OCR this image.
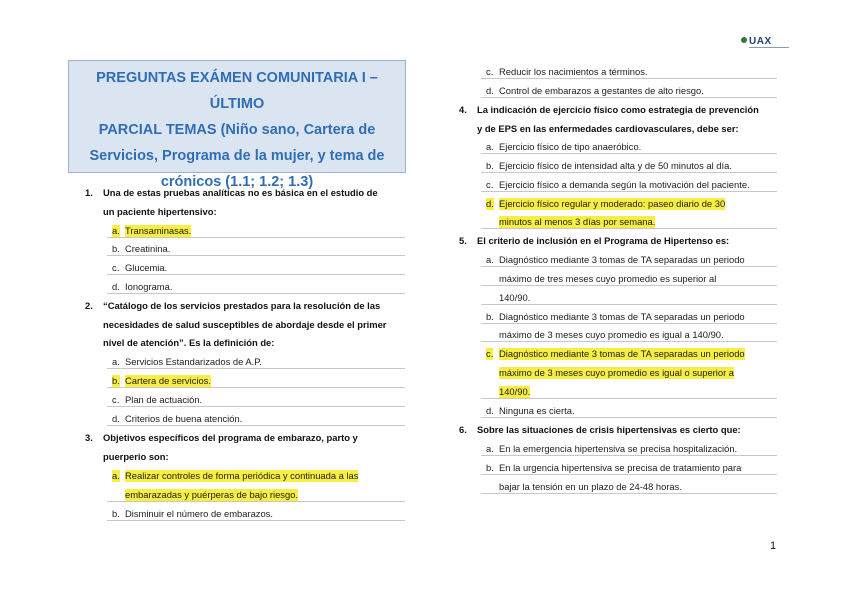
UAX
PREGUNTAS EXÁMEN COMUNITARIA I – ÚLTIMO
PARCIAL TEMAS (Niño sano, Cartera de
Servicios, Programa de la mujer, y tema de
crónicos (1.1; 1.2; 1.3)
1. Una de estas pruebas analíticas no es básica en el estudio de
un paciente hipertensivo:
a. Transaminasas.
b. Creatinina.
c. Glucemia.
d. Ionograma.
2. “Catálogo de los servicios prestados para la resolución de las
necesidades de salud susceptibles de abordaje desde el primer
nivel de atención”. Es la definición de:
a. Servicios Estandarizados de A.P.
b. Cartera de servicios.
c. Plan de actuación.
d. Criterios de buena atención.
3. Objetivos específicos del programa de embarazo, parto y
puerperio son:
a. Realizar controles de forma periódica y continuada a las
embarazadas y puérperas de bajo riesgo.
b. Disminuir el número de embarazos.
c. Reducir los nacimientos a términos.
d. Control de embarazos a gestantes de alto riesgo.
4. La indicación de ejercicio físico como estrategia de prevención
y de EPS en las enfermedades cardiovasculares, debe ser:
a. Ejercicio físico de tipo anaeróbico.
b. Ejercicio físico de intensidad alta y de 50 minutos al día.
c. Ejercicio físico a demanda según la motivación del paciente.
d. Ejercicio físico regular y moderado: paseo diario de 30
minutos al menos 3 días por semana.
5. El criterio de inclusión en el Programa de Hipertenso es:
a. Diagnóstico mediante 3 tomas de TA separadas un periodo
máximo de tres meses cuyo promedio es superior al
140/90.
b. Diagnóstico mediante 3 tomas de TA separadas un periodo
máximo de 3 meses cuyo promedio es igual a 140/90.
c. Diagnóstico mediante 3 tomas de TA separadas un periodo
máximo de 3 meses cuyo promedio es igual o superior a
140/90.
d. Ninguna es cierta.
6. Sobre las situaciones de crisis hipertensivas es cierto que:
a. En la emergencia hipertensiva se precisa hospitalización.
b. En la urgencia hipertensiva se precisa de tratamiento para
bajar la tensión en un plazo de 24-48 horas.
1
